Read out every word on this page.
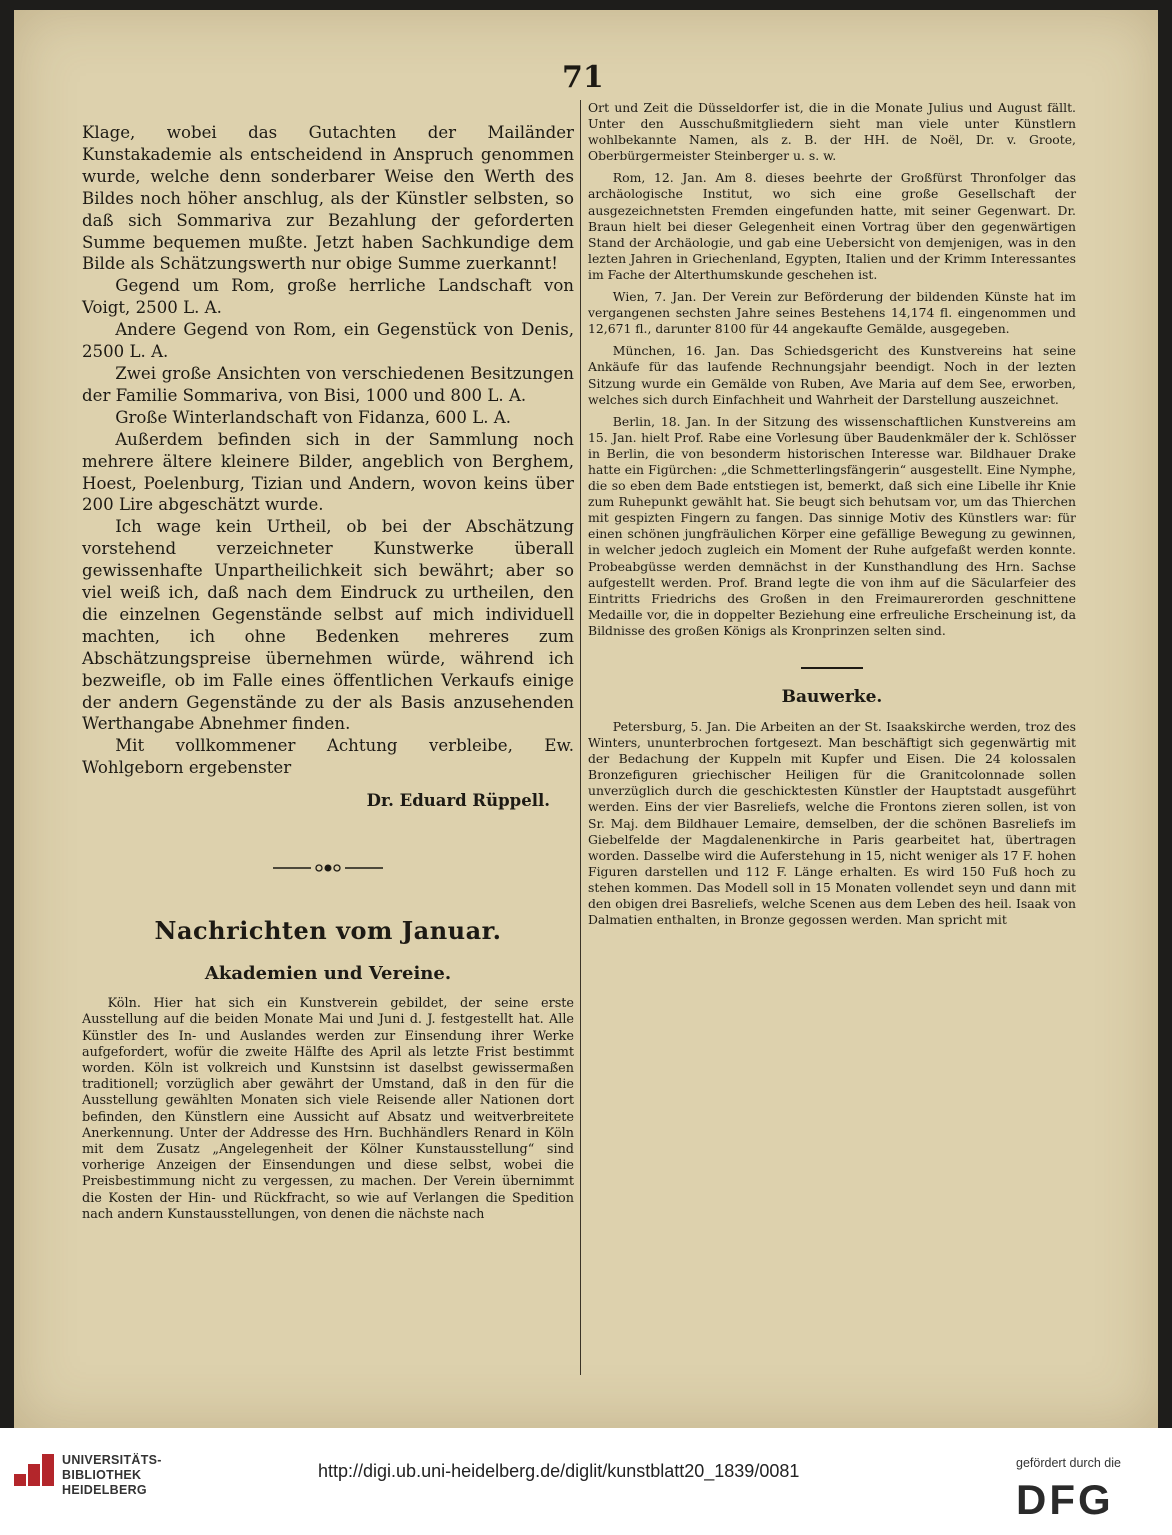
71

Klage, wobei das Gutachten der Mailänder Kunstakademie als entscheidend in Anspruch genommen wurde, welche denn sonderbarer Weise den Werth des Bildes noch höher anschlug, als der Künstler selbsten, so daß sich Sommariva zur Bezahlung der geforderten Summe bequemen mußte. Jetzt haben Sachkundige dem Bilde als Schätzungswerth nur obige Summe zuerkannt!

Gegend um Rom, große herrliche Landschaft von Voigt, 2500 L. A.

Andere Gegend von Rom, ein Gegenstück von Denis, 2500 L. A.

Zwei große Ansichten von verschiedenen Besitzungen der Familie Sommariva, von Bisi, 1000 und 800 L. A.

Große Winterlandschaft von Fidanza, 600 L. A.

Außerdem befinden sich in der Sammlung noch mehrere ältere kleinere Bilder, angeblich von Berghem, Hoest, Poelenburg, Tizian und Andern, wovon keins über 200 Lire abgeschätzt wurde.

Ich wage kein Urtheil, ob bei der Abschätzung vorstehend verzeichneter Kunstwerke überall gewissenhafte Unpartheilichkeit sich bewährt; aber so viel weiß ich, daß nach dem Eindruck zu urtheilen, den die einzelnen Gegenstände selbst auf mich individuell machten, ich ohne Bedenken mehreres zum Abschätzungspreise übernehmen würde, während ich bezweifle, ob im Falle eines öffentlichen Verkaufs einige der andern Gegenstände zu der als Basis anzusehenden Werthangabe Abnehmer finden.

Mit vollkommener Achtung verbleibe, Ew. Wohlgeborn ergebenster

Dr. Eduard Rüppell.
Nachrichten vom Januar.
Akademien und Vereine.

Köln. Hier hat sich ein Kunstverein gebildet, der seine erste Ausstellung auf die beiden Monate Mai und Juni d. J. festgestellt hat. Alle Künstler des In- und Auslandes werden zur Einsendung ihrer Werke aufgefordert, wofür die zweite Hälfte des April als letzte Frist bestimmt worden. Köln ist volkreich und Kunstsinn ist daselbst gewissermaßen traditionell; vorzüglich aber gewährt der Umstand, daß in den für die Ausstellung gewählten Monaten sich viele Reisende aller Nationen dort befinden, den Künstlern eine Aussicht auf Absatz und weitverbreitete Anerkennung. Unter der Addresse des Hrn. Buchhändlers Renard in Köln mit dem Zusatz „Angelegenheit der Kölner Kunstausstellung“ sind vorherige Anzeigen der Einsendungen und diese selbst, wobei die Preisbestimmung nicht zu vergessen, zu machen. Der Verein übernimmt die Kosten der Hin- und Rückfracht, so wie auf Verlangen die Spedition nach andern Kunstausstellungen, von denen die nächste nach

Ort und Zeit die Düsseldorfer ist, die in die Monate Julius und August fällt. Unter den Ausschußmitgliedern sieht man viele unter Künstlern wohlbekannte Namen, als z. B. der HH. de Noël, Dr. v. Groote, Oberbürgermeister Steinberger u. s. w.

Rom, 12. Jan. Am 8. dieses beehrte der Großfürst Thronfolger das archäologische Institut, wo sich eine große Gesellschaft der ausgezeichnetsten Fremden eingefunden hatte, mit seiner Gegenwart. Dr. Braun hielt bei dieser Gelegenheit einen Vortrag über den gegenwärtigen Stand der Archäologie, und gab eine Uebersicht von demjenigen, was in den lezten Jahren in Griechenland, Egypten, Italien und der Krimm Interessantes im Fache der Alterthumskunde geschehen ist.

Wien, 7. Jan. Der Verein zur Beförderung der bildenden Künste hat im vergangenen sechsten Jahre seines Bestehens 14,174 fl. eingenommen und 12,671 fl., darunter 8100 für 44 angekaufte Gemälde, ausgegeben.

München, 16. Jan. Das Schiedsgericht des Kunstvereins hat seine Ankäufe für das laufende Rechnungsjahr beendigt. Noch in der lezten Sitzung wurde ein Gemälde von Ruben, Ave Maria auf dem See, erworben, welches sich durch Einfachheit und Wahrheit der Darstellung auszeichnet.

Berlin, 18. Jan. In der Sitzung des wissenschaftlichen Kunstvereins am 15. Jan. hielt Prof. Rabe eine Vorlesung über Baudenkmäler der k. Schlösser in Berlin, die von besonderm historischen Interesse war. Bildhauer Drake hatte ein Figürchen: „die Schmetterlingsfängerin“ ausgestellt. Eine Nymphe, die so eben dem Bade entstiegen ist, bemerkt, daß sich eine Libelle ihr Knie zum Ruhepunkt gewählt hat. Sie beugt sich behutsam vor, um das Thierchen mit gespizten Fingern zu fangen. Das sinnige Motiv des Künstlers war: für einen schönen jungfräulichen Körper eine gefällige Bewegung zu gewinnen, in welcher jedoch zugleich ein Moment der Ruhe aufgefaßt werden konnte. Probeabgüsse werden demnächst in der Kunsthandlung des Hrn. Sachse aufgestellt werden. Prof. Brand legte die von ihm auf die Säcularfeier des Eintritts Friedrichs des Großen in den Freimaurerorden geschnittene Medaille vor, die in doppelter Beziehung eine erfreuliche Erscheinung ist, da Bildnisse des großen Königs als Kronprinzen selten sind.

Bauwerke.

Petersburg, 5. Jan. Die Arbeiten an der St. Isaakskirche werden, troz des Winters, ununterbrochen fortgesezt. Man beschäftigt sich gegenwärtig mit der Bedachung der Kuppeln mit Kupfer und Eisen. Die 24 kolossalen Bronzefiguren griechischer Heiligen für die Granitcolonnade sollen unverzüglich durch die geschicktesten Künstler der Hauptstadt ausgeführt werden. Eins der vier Basreliefs, welche die Frontons zieren sollen, ist von Sr. Maj. dem Bildhauer Lemaire, demselben, der die schönen Basreliefs im Giebelfelde der Magdalenenkirche in Paris gearbeitet hat, übertragen worden. Dasselbe wird die Auferstehung in 15, nicht weniger als 17 F. hohen Figuren darstellen und 112 F. Länge erhalten. Es wird 150 Fuß hoch zu stehen kommen. Das Modell soll in 15 Monaten vollendet seyn und dann mit den obigen drei Basreliefs, welche Scenen aus dem Leben des heil. Isaak von Dalmatien enthalten, in Bronze gegossen werden. Man spricht mit

UNIVERSITÄTS-
BIBLIOTHEK
HEIDELBERG
http://digi.ub.uni-heidelberg.de/diglit/kunstblatt20_1839/0081	gefördert durch die
DFG
